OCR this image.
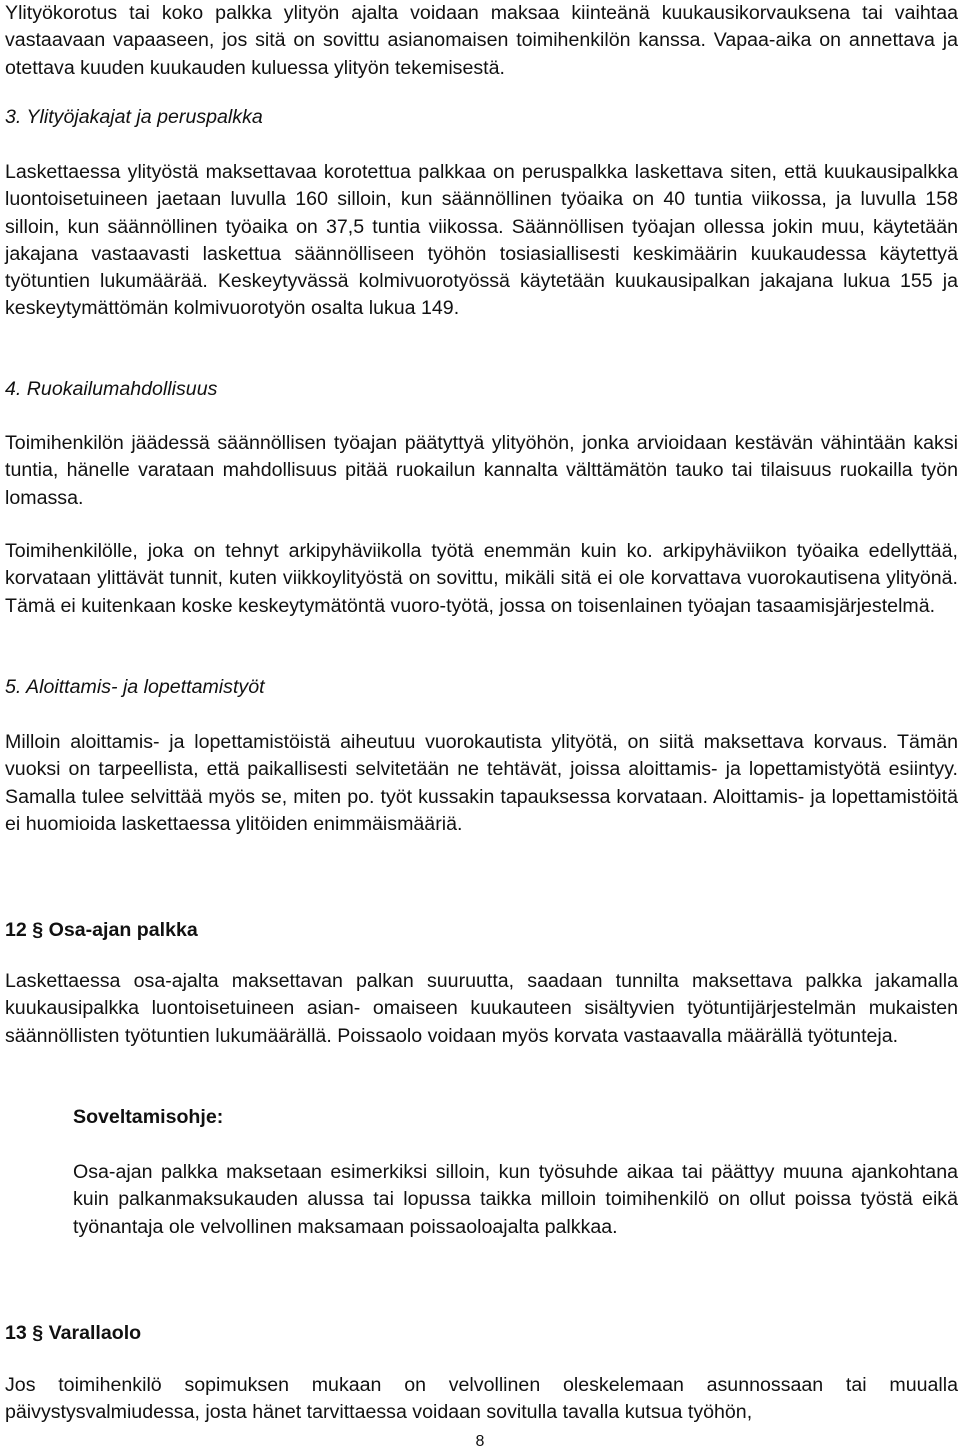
Ylityökorotus tai koko palkka ylityön ajalta voidaan maksaa kiinteänä kuukausikorvauksena tai vaihtaa vastaavaan vapaaseen, jos sitä on sovittu asianomaisen toimihenkilön kanssa. Vapaa-aika on annettava ja otettava kuuden kuukauden kuluessa ylityön tekemisestä.

3. Ylityöjakajat ja peruspalkka

Laskettaessa ylityöstä maksettavaa korotettua palkkaa on peruspalkka laskettava siten, että kuukausipalkka luontoisetuineen jaetaan luvulla 160 silloin, kun säännöllinen työaika on 40 tuntia viikossa, ja luvulla 158 silloin, kun säännöllinen työaika on 37,5 tuntia viikossa. Säännöllisen työajan ollessa jokin muu, käytetään jakajana vastaavasti laskettua säännölliseen työhön tosiasiallisesti keskimäärin kuukaudessa käytettyä työtuntien lukumäärää. Keskeytyvässä kolmivuorotyössä käytetään kuukausipalkan jakajana lukua 155 ja keskeytymättömän kolmivuorotyön osalta lukua 149.

4. Ruokailumahdollisuus

Toimihenkilön jäädessä säännöllisen työajan päätyttyä ylityöhön, jonka arvioidaan kestävän vähintään kaksi tuntia, hänelle varataan mahdollisuus pitää ruokailun kannalta välttämätön tauko tai tilaisuus ruokailla työn lomassa.

Toimihenkilölle, joka on tehnyt arkipyhäviikolla työtä enemmän kuin ko. arkipyhäviikon työaika edellyttää, korvataan ylittävät tunnit, kuten viikkoylityöstä on sovittu, mikäli sitä ei ole korvattava vuorokautisena ylityönä. Tämä ei kuitenkaan koske keskeytymätöntä vuoro-työtä, jossa on toisenlainen työajan tasaamisjärjestelmä.

5. Aloittamis- ja lopettamistyöt

Milloin aloittamis- ja lopettamistöistä aiheutuu vuorokautista ylityötä, on siitä maksettava korvaus. Tämän vuoksi on tarpeellista, että paikallisesti selvitetään ne tehtävät, joissa aloittamis- ja lopettamistyötä esiintyy. Samalla tulee selvittää myös se, miten po. työt kussakin tapauksessa korvataan. Aloittamis- ja lopettamistöitä ei huomioida laskettaessa ylitöiden enimmäismääriä.

12 § Osa-ajan palkka

Laskettaessa osa-ajalta maksettavan palkan suuruutta, saadaan tunnilta maksettava palkka jakamalla kuukausipalkka luontoisetuineen asian- omaiseen kuukauteen sisältyvien työtuntijärjestelmän mukaisten säännöllisten työtuntien lukumäärällä. Poissaolo voidaan myös korvata vastaavalla määrällä työtunteja.

Soveltamisohje:

Osa-ajan palkka maksetaan esimerkiksi silloin, kun työsuhde aikaa tai päättyy muuna ajankohtana kuin palkanmaksukauden alussa tai lopussa taikka milloin toimihenkilö on ollut poissa työstä eikä työnantaja ole velvollinen maksamaan poissaoloajalta palkkaa.

13 § Varallaolo

Jos toimihenkilö sopimuksen mukaan on velvollinen oleskelemaan asunnossaan tai muualla päivystysvalmiudessa, josta hänet tarvittaessa voidaan sovitulla tavalla kutsua työhön,

8
